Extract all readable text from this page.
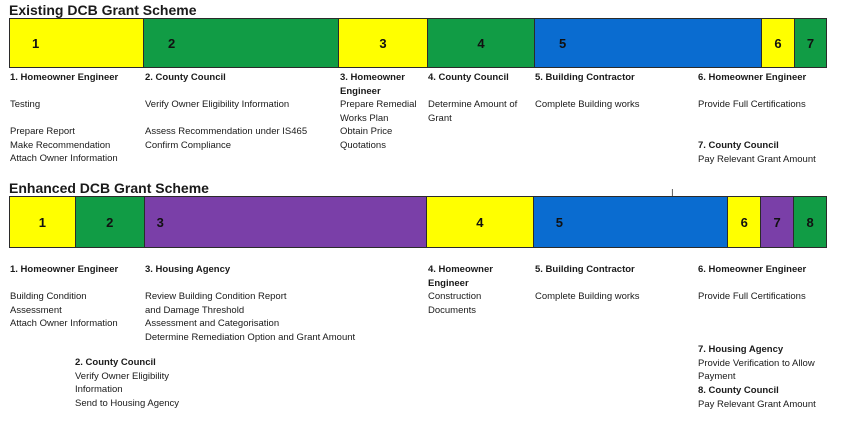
Existing DCB Grant Scheme
1	2	3	4	5	6	7
1. Homeowner Engineer

Testing

Prepare Report
Make Recommendation
Attach Owner Information
2. County Council

Verify Owner Eligibility Information

Assess Recommendation under IS465
Confirm Compliance
3. Homeowner Engineer
Prepare Remedial
Works Plan
Obtain Price
Quotations
4. County Council

Determine Amount of
Grant
5. Building Contractor

Complete Building works
6. Homeowner Engineer

Provide Full Certifications
7. County Council
Pay Relevant Grant Amount
Enhanced DCB Grant Scheme
1	2	3	4	5	6	7	8
I
1. Homeowner Engineer

Building Condition
Assessment
Attach Owner Information
3. Housing Agency

Review Building Condition Report
and Damage Threshold
Assessment and Categorisation
Determine Remediation Option and Grant Amount
4. Homeowner Engineer
Construction
Documents
5. Building Contractor

Complete Building works
6. Homeowner Engineer

Provide Full Certifications
2. County Council
Verify Owner Eligibility
Information
Send to Housing Agency
7. Housing Agency
Provide Verification to Allow
Payment
8. County Council
Pay Relevant Grant Amount
